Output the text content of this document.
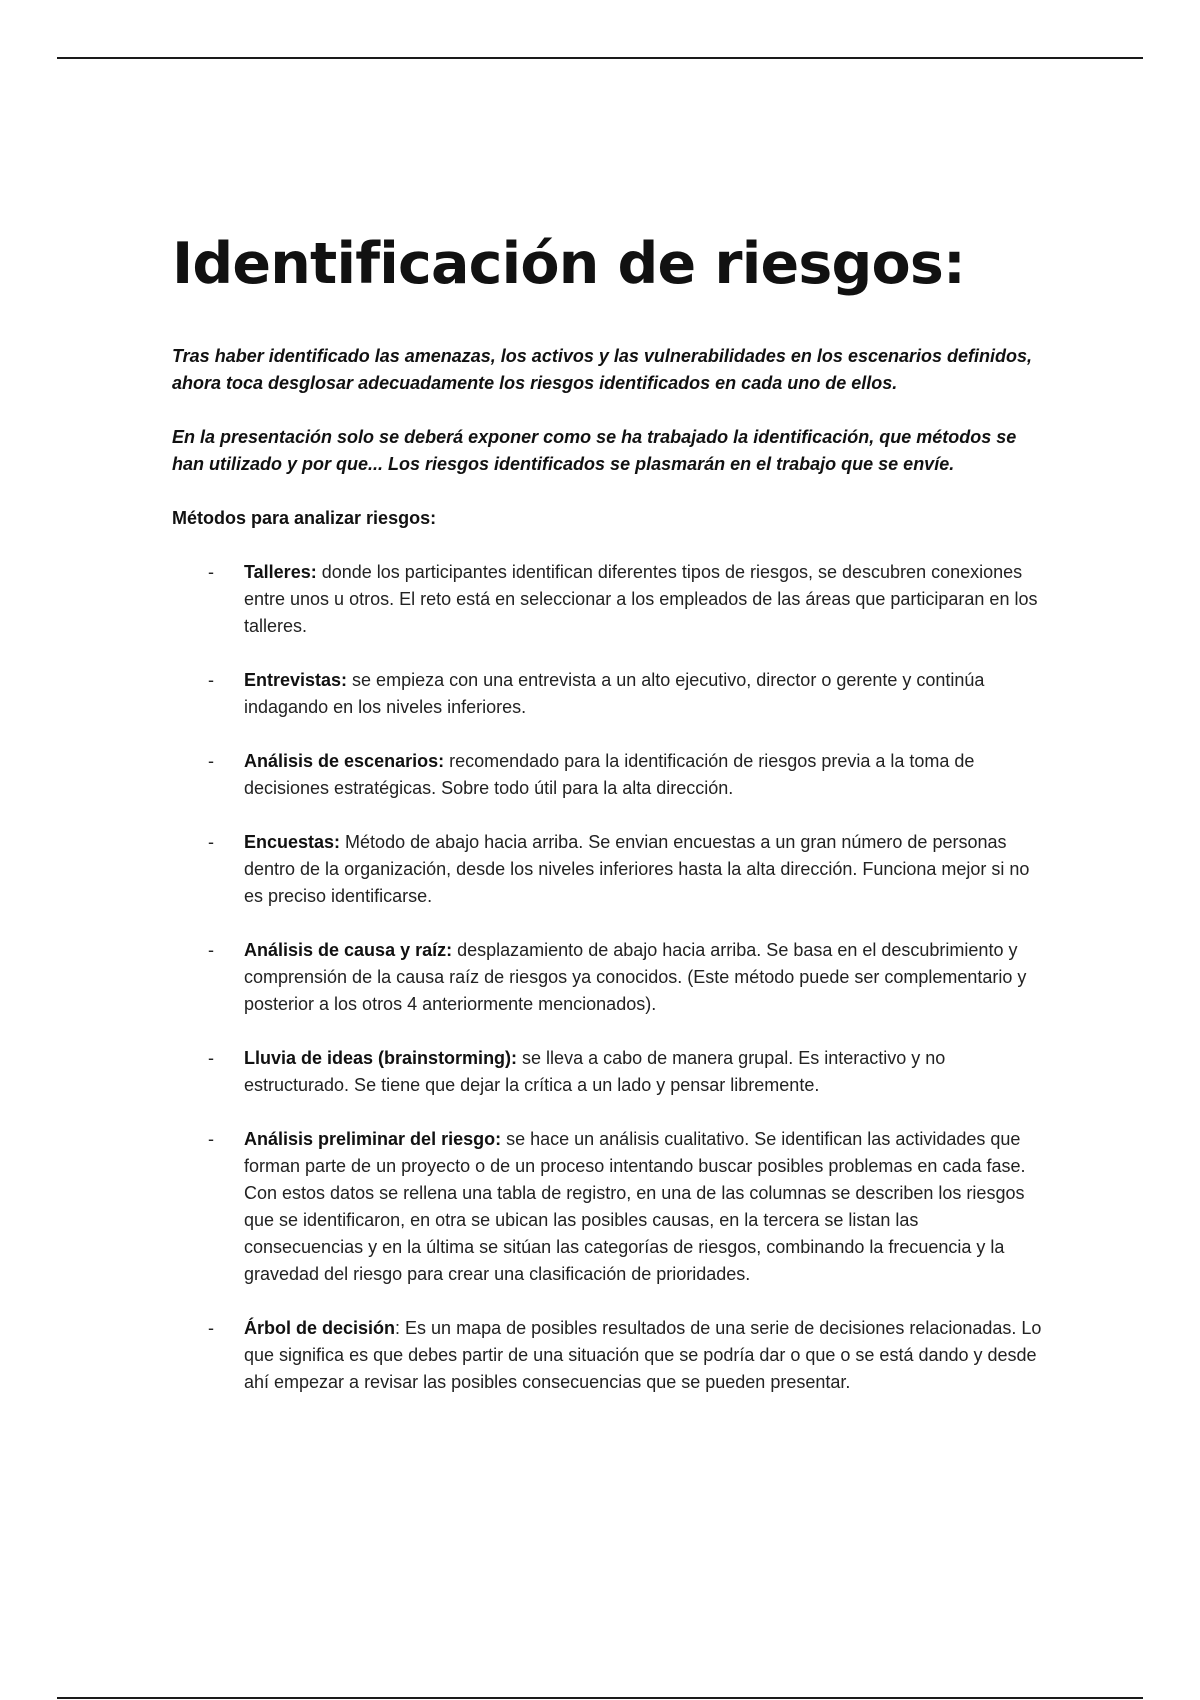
Identificación de riesgos:

Tras haber identificado las amenazas, los activos y las vulnerabilidades en los escenarios definidos, ahora toca desglosar adecuadamente los riesgos identificados en cada uno de ellos.

En la presentación solo se deberá exponer como se ha trabajado la identificación, que métodos se han utilizado y por que... Los riesgos identificados se plasmarán en el trabajo que se envíe.

Métodos para analizar riesgos:

- Talleres: donde los participantes identifican diferentes tipos de riesgos, se descubren conexiones entre unos u otros. El reto está en seleccionar a los empleados de las áreas que participaran en los talleres.
- Entrevistas: se empieza con una entrevista a un alto ejecutivo, director o gerente y continúa indagando en los niveles inferiores.
- Análisis de escenarios: recomendado para la identificación de riesgos previa a la toma de decisiones estratégicas. Sobre todo útil para la alta dirección.
- Encuestas: Método de abajo hacia arriba. Se envian encuestas a un gran número de personas dentro de la organización, desde los niveles inferiores hasta la alta dirección. Funciona mejor si no es preciso identificarse.
- Análisis de causa y raíz: desplazamiento de abajo hacia arriba. Se basa en el descubrimiento y comprensión de la causa raíz de riesgos ya conocidos. (Este método puede ser complementario y posterior a los otros 4 anteriormente mencionados).
- Lluvia de ideas (brainstorming): se lleva a cabo de manera grupal. Es interactivo y no estructurado. Se tiene que dejar la crítica a un lado y pensar libremente.
- Análisis preliminar del riesgo: se hace un análisis cualitativo. Se identifican las actividades que forman parte de un proyecto o de un proceso intentando buscar posibles problemas en cada fase. Con estos datos se rellena una tabla de registro, en una de las columnas se describen los riesgos que se identificaron, en otra se ubican las posibles causas, en la tercera se listan las consecuencias y en la última se sitúan las categorías de riesgos, combinando la frecuencia y la gravedad del riesgo para crear una clasificación de prioridades.
- Árbol de decisión: Es un mapa de posibles resultados de una serie de decisiones relacionadas. Lo que significa es que debes partir de una situación que se podría dar o que o se está dando y desde ahí empezar a revisar las posibles consecuencias que se pueden presentar.
